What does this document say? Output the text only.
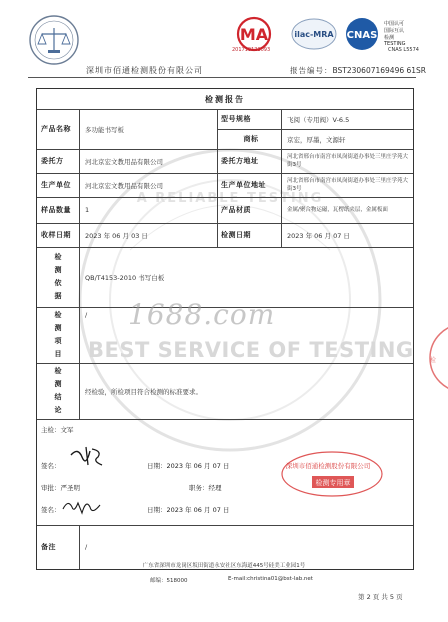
深圳市佰通检测股份有限公司
MA	ilac-MRA CNAS
中国认可
国际互认
检测
TESTING
201719121093	CNAS L5574
报告编号：BST230607169496 61SR
A RELIABLE TESTING
检测报告
产品名称	多功能书写板
型号规格	飞阅（专用阀）V-6.5
商标	京宏，厚墨，文源轩
委托方	河北京宏文教用品有限公司	委托方地址	河北省邢台市南宫市凤岗街道办事处三里庄学苑大街3号
生产单位	河北京宏文教用品有限公司	生产单位地址	河北省邢台市南宫市凤岗街道办事处三里庄学苑大街3号
样品数量	1	产品材质	金属/聚合物运磁，瓦楞纸夹层，金属板面
收样日期	2023 年 06 月 03 日	检测日期	2023 年 06 月 07 日
检
测
依
据
QB/T4153-2010 书写白板
检
测
项
目
/
检
测
结
论
经检验，所检项目符合检测的标准要求。
主检：文军
签名：	日期：2023 年 06 月 07 日
审批：严圣明	职务：经理
签名：	日期：2023 年 06 月 07 日
备注	/
1688.com
BEST SERVICE OF TESTING
深圳市佰通检测股份有限公司
检测专用章
检
广东省深圳市龙岗区坂田街道永安社区东海道445号硅美工业园1号
邮编：518000	E-mail:christina01@bst-lab.net
第 2 页 共 5 页
